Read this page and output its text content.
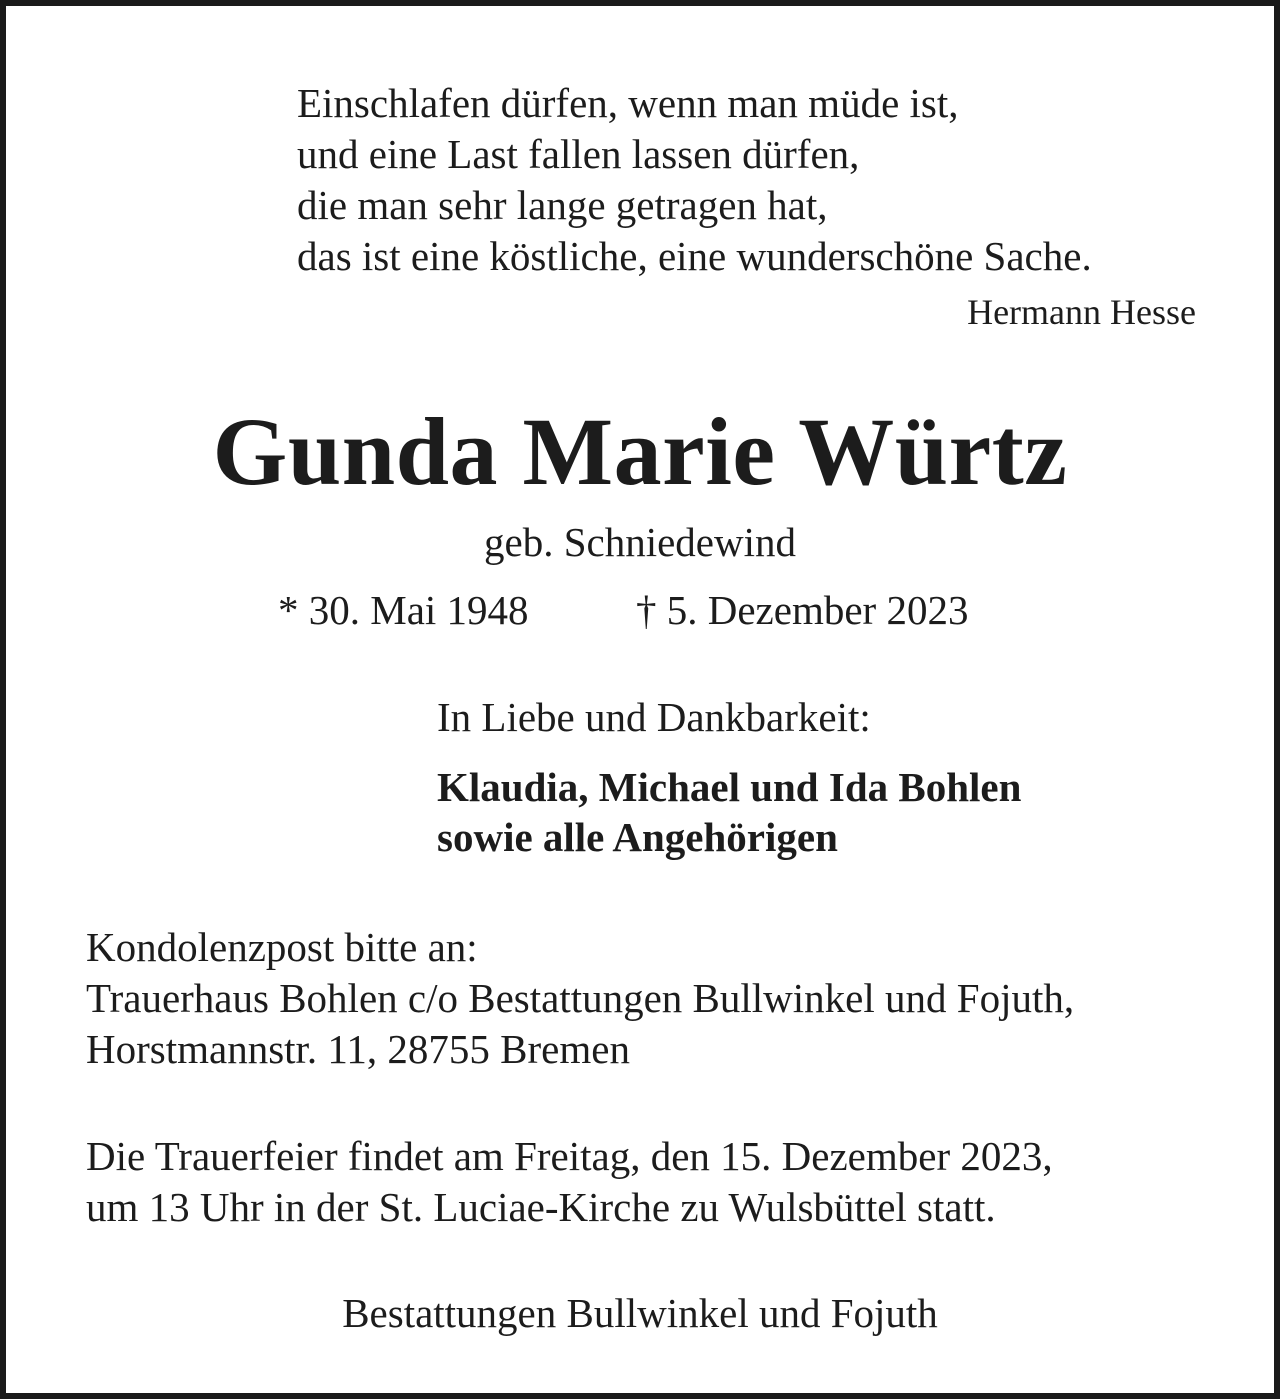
Einschlafen dürfen, wenn man müde ist,
und eine Last fallen lassen dürfen,
die man sehr lange getragen hat,
das ist eine köstliche, eine wunderschöne Sache.
Hermann Hesse
Gunda Marie Würtz
geb. Schniedewind
* 30. Mai 1948	† 5. Dezember 2023
In Liebe und Dankbarkeit:
Klaudia, Michael und Ida Bohlen
sowie alle Angehörigen
Kondolenzpost bitte an:
Trauerhaus Bohlen c/o Bestattungen Bullwinkel und Fojuth,
Horstmannstr. 11, 28755 Bremen
Die Trauerfeier findet am Freitag, den 15. Dezember 2023,
um 13 Uhr in der St. Luciae-Kirche zu Wulsbüttel statt.
Bestattungen Bullwinkel und Fojuth
